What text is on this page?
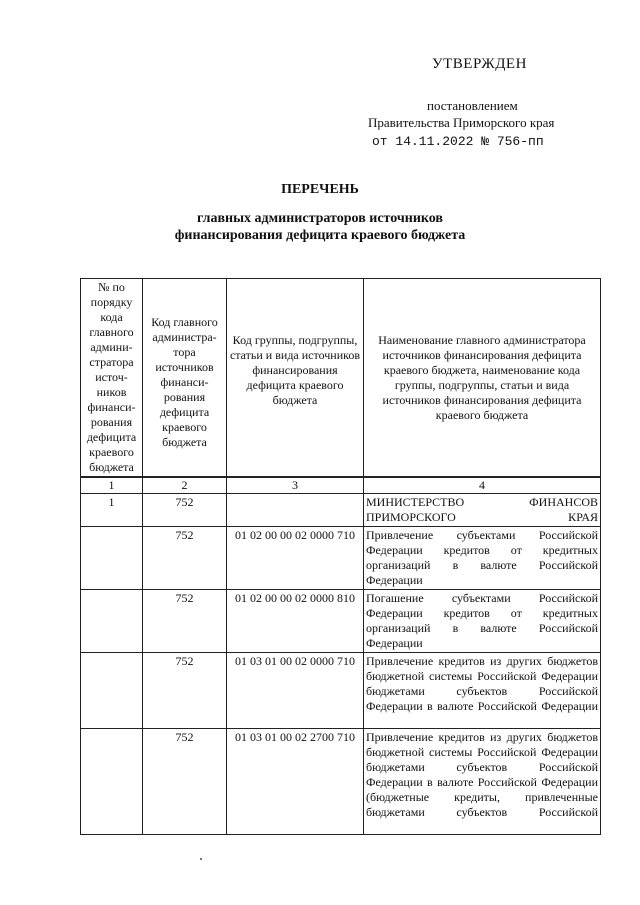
УТВЕРЖДЕН
постановлением
Правительства Приморского края
от 14.11.2022 № 756-пп
ПЕРЕЧЕНЬ
главных администраторов источников
финансирования дефицита краевого бюджета
№ по порядку кода главного админи-стратора источ-ников финанси-рования дефицита краевого бюджета	Код главного администра-тора источников финанси-рования дефицита краевого бюджета	Код группы, подгруппы, статьи и вида источников финансирования дефицита краевого бюджета	Наименование главного администратора источников финансирования дефицита краевого бюджета, наименование кода группы, подгруппы, статьи и вида источников финансирования дефицита краевого бюджета
1	2	3	4
1	752		МИНИСТЕРСТВО ФИНАНСОВ ПРИМОРСКОГО КРАЯ
	752	01 02 00 00 02 0000 710	Привлечение субъектами Российской Федерации кредитов от кредитных организаций в валюте Российской Федерации
	752	01 02 00 00 02 0000 810	Погашение субъектами Российской Федерации кредитов от кредитных организаций в валюте Российской Федерации
	752	01 03 01 00 02 0000 710	Привлечение кредитов из других бюджетов бюджетной системы Российской Федерации бюджетами субъектов Российской Федерации в валюте Российской Федерации
	752	01 03 01 00 02 2700 710	Привлечение кредитов из других бюджетов бюджетной системы Российской Федерации бюджетами субъектов Российской Федерации в валюте Российской Федерации (бюджетные кредиты, привлеченные бюджетами субъектов Российской
